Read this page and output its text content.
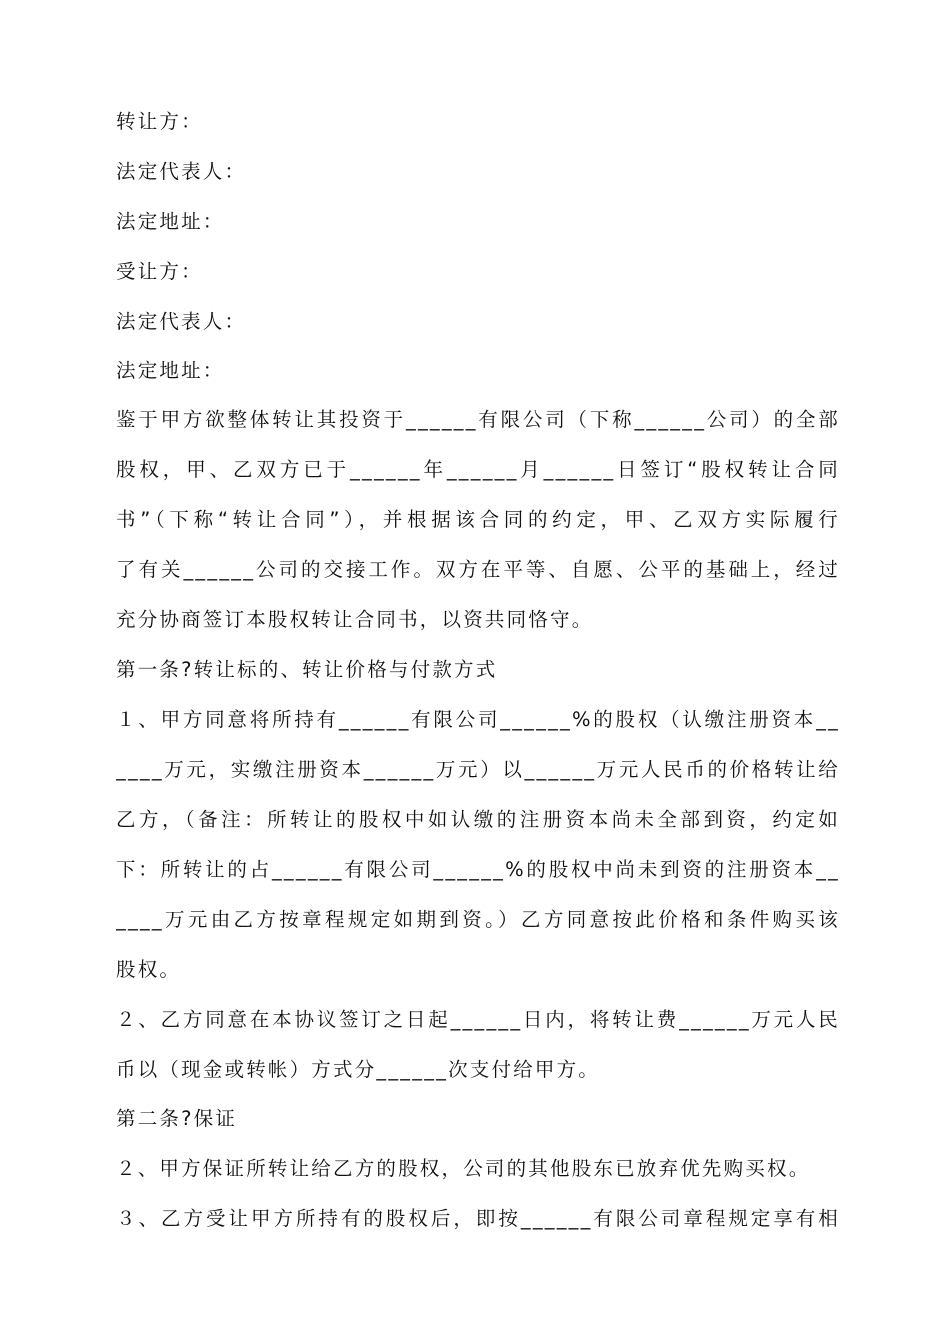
转让方：
法定代表人：
法定地址：
受让方：
法定代表人：
法定地址：
鉴于甲方欲整体转让其投资于______有限公司（下称______公司）的全部
股权，甲、乙双方已于______年______月______日签订“股权转让合同
书”（下称“转让合同”），并根据该合同的约定，甲、乙双方实际履行
了有关______公司的交接工作。双方在平等、自愿、公平的基础上，经过
充分协商签订本股权转让合同书，以资共同恪守。
第一条?转让标的、转让价格与付款方式
１、甲方同意将所持有______有限公司______%的股权（认缴注册资本__
____万元，实缴注册资本______万元）以______万元人民币的价格转让给
乙方，（备注：所转让的股权中如认缴的注册资本尚未全部到资，约定如
下：所转让的占______有限公司______%的股权中尚未到资的注册资本__
____万元由乙方按章程规定如期到资。）乙方同意按此价格和条件购买该
股权。
２、乙方同意在本协议签订之日起______日内，将转让费______万元人民
币以（现金或转帐）方式分______次支付给甲方。
第二条?保证
２、甲方保证所转让给乙方的股权，公司的其他股东已放弃优先购买权。
３、乙方受让甲方所持有的股权后，即按______有限公司章程规定享有相
